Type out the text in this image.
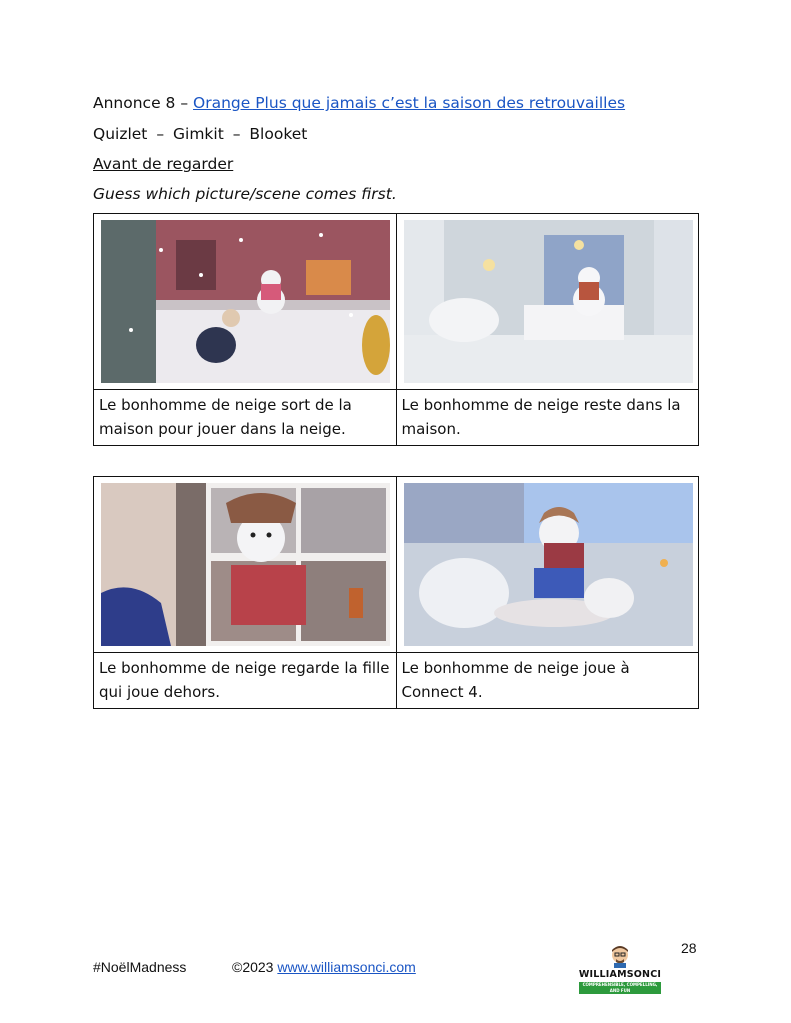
Annonce 8 – Orange Plus que jamais c’est la saison des retrouvailles
Quizlet – Gimkit – Blooket
Avant de regarder
Guess which picture/scene comes first.

Le bonhomme de neige sort de la maison pour jouer dans la neige.	Le bonhomme de neige reste dans la maison.

Le bonhomme de neige regarde la fille qui joue dehors.	Le bonhomme de neige joue à Connect 4.
28
#NoëlMadness	©2023 www.williamsonci.com	WILLIAMSONCI
COMPREHENSIBLE, COMPELLING, AND FUN
